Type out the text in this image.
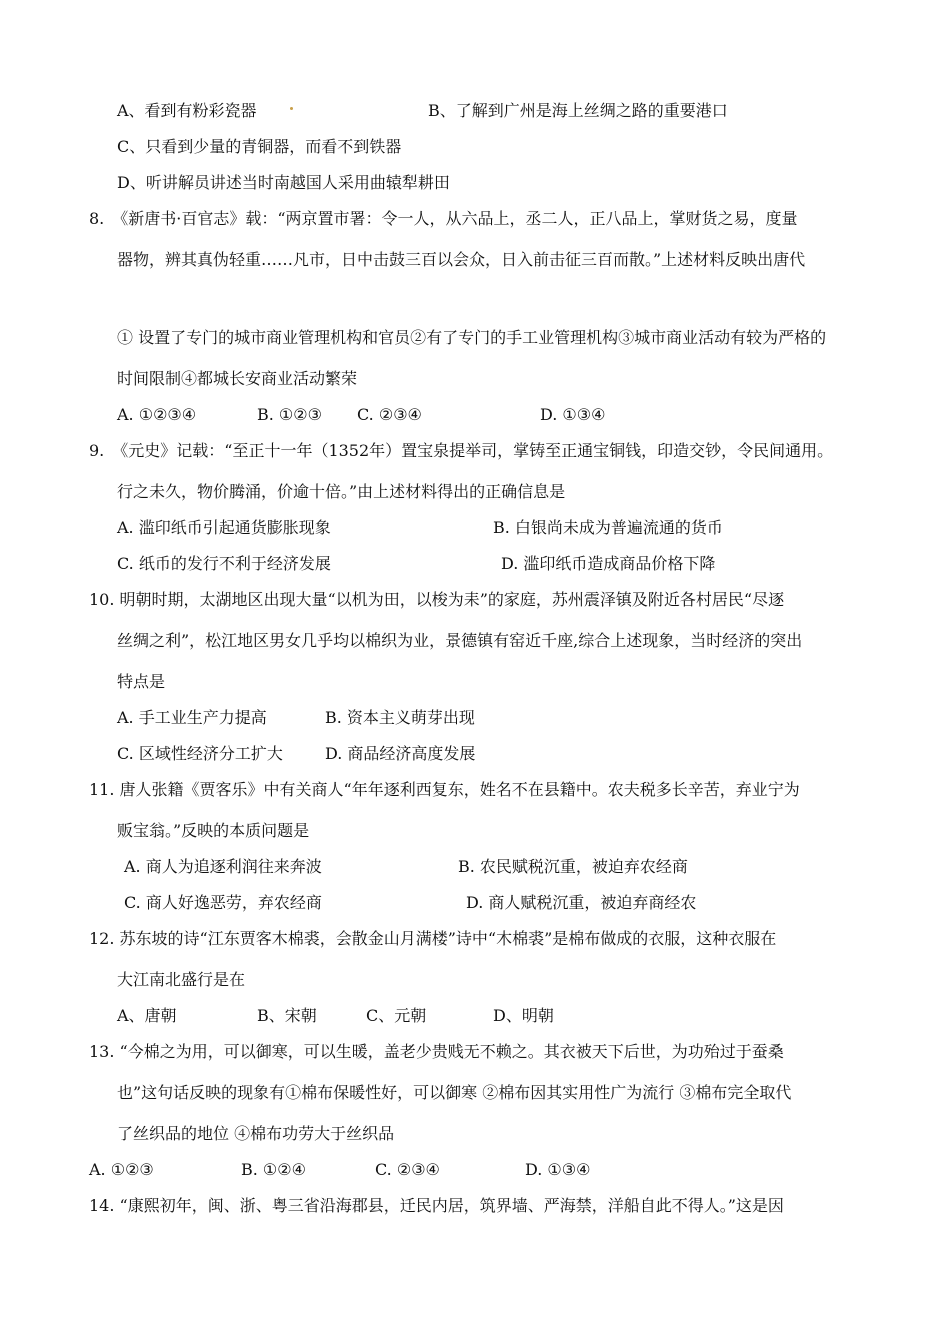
A、看到有粉彩瓷器	B、了解到广州是海上丝绸之路的重要港口
C、只看到少量的青铜器，而看不到铁器
D、听讲解员讲述当时南越国人采用曲辕犁耕田
8.　《新唐书·百官志》载：“两京置市署：令一人，从六品上，丞二人，正八品上，掌财货之易，度量
器物，辨其真伪轻重……凡市，日中击鼓三百以会众，日入前击征三百而散。”上述材料反映出唐代
① 设置了专门的城市商业管理机构和官员②有了专门的手工业管理机构③城市商业活动有较为严格的
时间限制④都城长安商业活动繁荣
A. ①②③④	B. ①②③ C. ②③④	D. ①③④
9.　《元史》记载：“至正十一年（1352年）置宝泉提举司，掌铸至正通宝铜钱，印造交钞，令民间通用。
行之未久，物价腾涌，价逾十倍。”由上述材料得出的正确信息是
A. 滥印纸币引起通货膨胀现象	B. 白银尚未成为普遍流通的货币
C. 纸币的发行不利于经济发展	D. 滥印纸币造成商品价格下降
10. 明朝时期，太湖地区出现大量“以机为田，以梭为耒”的家庭，苏州震泽镇及附近各村居民“尽逐
丝绸之利”，松江地区男女几乎均以棉织为业，景德镇有窑近千座,综合上述现象，当时经济的突出
特点是
A. 手工业生产力提高	B. 资本主义萌芽出现
C. 区域性经济分工扩大	D. 商品经济高度发展
11. 唐人张籍《贾客乐》中有关商人“年年逐利西复东，姓名不在县籍中。农夫税多长辛苦，弃业宁为
贩宝翁。”反映的本质问题是
A. 商人为追逐利润往来奔波	B. 农民赋税沉重，被迫弃农经商
C. 商人好逸恶劳，弃农经商	D. 商人赋税沉重，被迫弃商经农
12. 苏东坡的诗“江东贾客木棉裘，会散金山月满楼”诗中“木棉裘”是棉布做成的衣服，这种衣服在
大江南北盛行是在
A、唐朝	B、宋朝	C、元朝	D、明朝
13. “今棉之为用，可以御寒，可以生暖，盖老少贵贱无不赖之。其衣被天下后世，为功殆过于蚕桑
也”这句话反映的现象有①棉布保暖性好，可以御寒 ②棉布因其实用性广为流行 ③棉布完全取代
了丝织品的地位 ④棉布功劳大于丝织品
A. ①②③	B. ①②④	C. ②③④	D. ①③④
14. “康熙初年，闽、浙、粤三省沿海郡县，迁民内居，筑界墙、严海禁，洋船自此不得人。”这是因
